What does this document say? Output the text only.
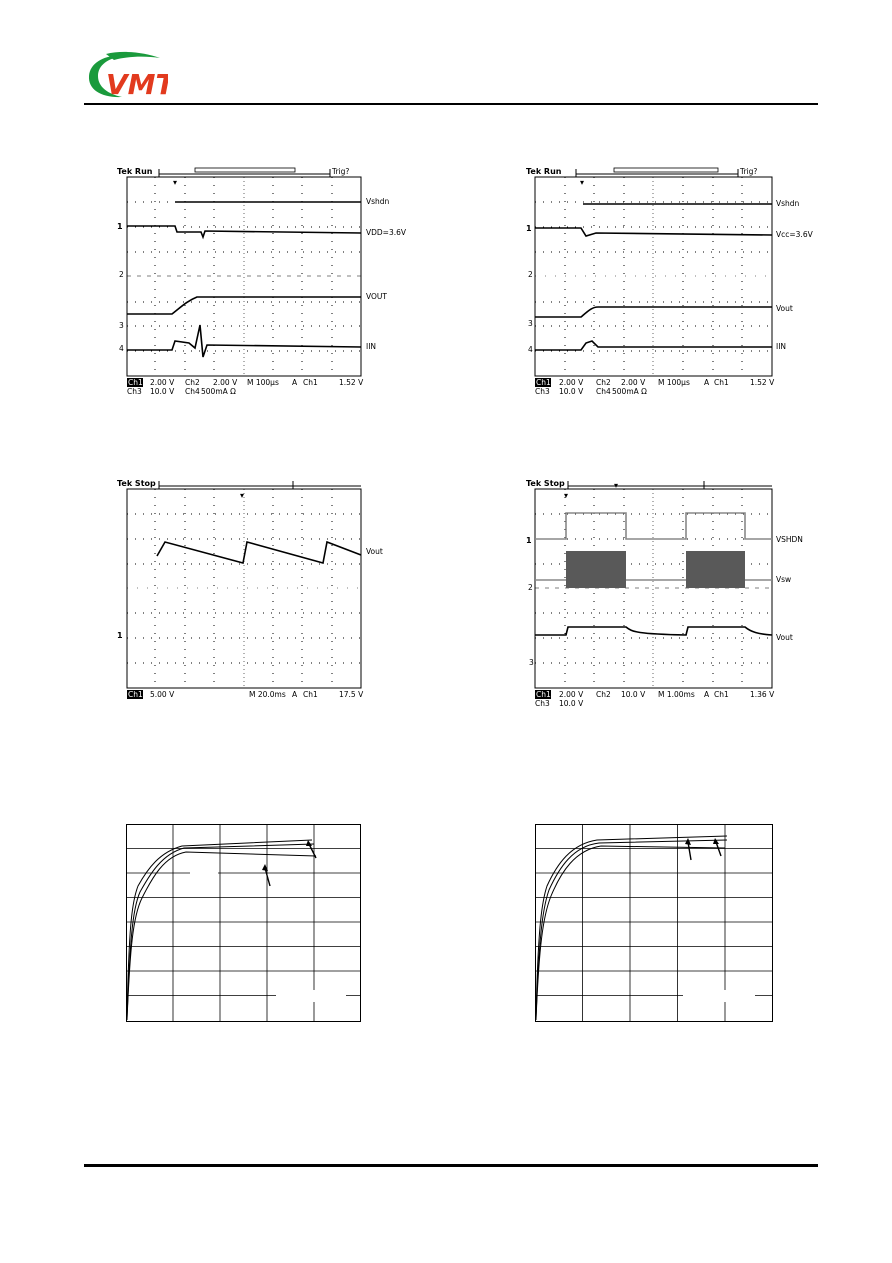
VMT
Tek Run	Trig?
▾
1
2
3
4
Vshdn
VDD=3.6V
VOUT
IIN
Ch1 2.00 V Ch2 2.00 V M 100µs A Ch1	1.52 V
Ch3 10.0 V Ch4 500mA Ω
Tek Run	Trig?
▾
1
2
3
4
Vshdn
Vcc=3.6V
Vout
IIN
Ch1 2.00 V Ch2 2.00 V M 100µs A Ch1	1.52 V
Ch3 10.0 V Ch4 500mA Ω
Tek Stop
▾
1
Vout
Ch1 5.00 V	M 20.0ms A Ch1	17.5 V
Tek Stop
▾
▾
1
2
3
VSHDN
Vsw
Vout
Ch1 2.00 V Ch2 10.0 V M 1.00ms A Ch1	1.36 V
Ch3 10.0 V
